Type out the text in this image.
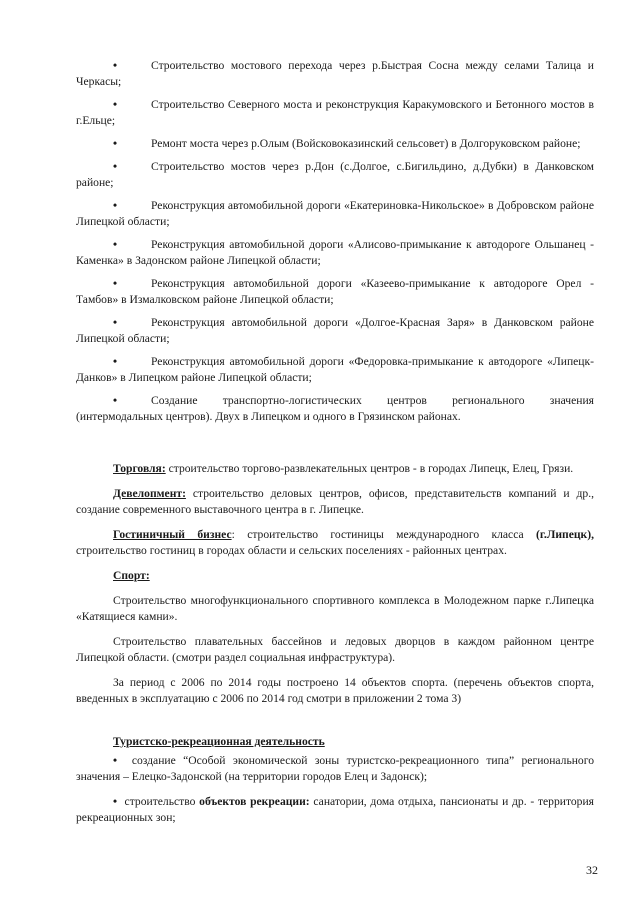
•	Строительство мостового перехода через р.Быстрая Сосна между селами Талица и Черкасы;

•	Строительство Северного моста и реконструкция Каракумовского и Бетонного мостов в г.Ельце;

•	Ремонт моста через р.Олым (Войсковоказинский сельсовет) в Долгоруковском районе;

•	Строительство мостов через р.Дон (с.Долгое, с.Бигильдино, д.Дубки) в Данковском районе;

•	Реконструкция автомобильной дороги «Екатериновка-Никольское» в Добровском районе Липецкой области;

•	Реконструкция автомобильной дороги «Алисово-примыкание к автодороге Ольшанец - Каменка» в Задонском районе Липецкой области;

•	Реконструкция автомобильной дороги «Казеево-примыкание к автодороге Орел - Тамбов» в Измалковском районе Липецкой области;

•	Реконструкция автомобильной дороги «Долгое-Красная Заря» в Данковском районе Липецкой области;

•	Реконструкция автомобильной дороги «Федоровка-примыкание к автодороге «Липецк-Данков» в Липецком районе Липецкой области;

•	Создание транспортно-логистических центров регионального значения (интермодальных центров). Двух в Липецком и одного в Грязинском районах.

Торговля: строительство торгово-развлекательных центров - в городах Липецк, Елец, Грязи.

Девелопмент: строительство деловых центров, офисов, представительств компаний и др., создание современного выставочного центра в г. Липецке.

Гостиничный бизнес: строительство гостиницы международного класса (г.Липецк), строительство гостиниц в городах области и сельских поселениях - районных центрах.

Спорт:

Строительство многофункционального спортивного комплекса в Молодежном парке г.Липецка «Катящиеся камни».

Строительство плавательных бассейнов и ледовых дворцов в каждом районном центре Липецкой области. (смотри раздел социальная инфраструктура).

За период с 2006 по 2014 годы построено 14 объектов спорта. (перечень объектов спорта, введенных в эксплуатацию с 2006 по 2014 год смотри в приложении 2 тома 3)

Туристско-рекреационная деятельность

• создание “Особой экономической зоны туристско-рекреационного типа” регионального значения – Елецко-Задонской (на территории городов Елец и Задонск);

• строительство объектов рекреации: санатории, дома отдыха, пансионаты и др. - территория рекреационных зон;

32
